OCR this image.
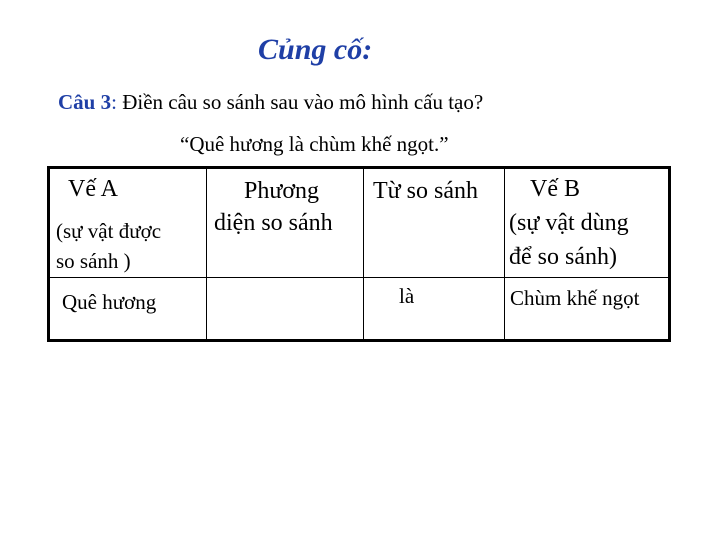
Củng cố:
Câu 3: Điền câu so sánh sau vào mô hình cấu tạo?
“Quê hương là chùm khế ngọt.”
Vế A
(sự vật được
so sánh )
Phương
diện so sánh
Từ so sánh Vế B
(sự vật dùng
để so sánh)
Quê hương	là	Chùm khế ngọt
